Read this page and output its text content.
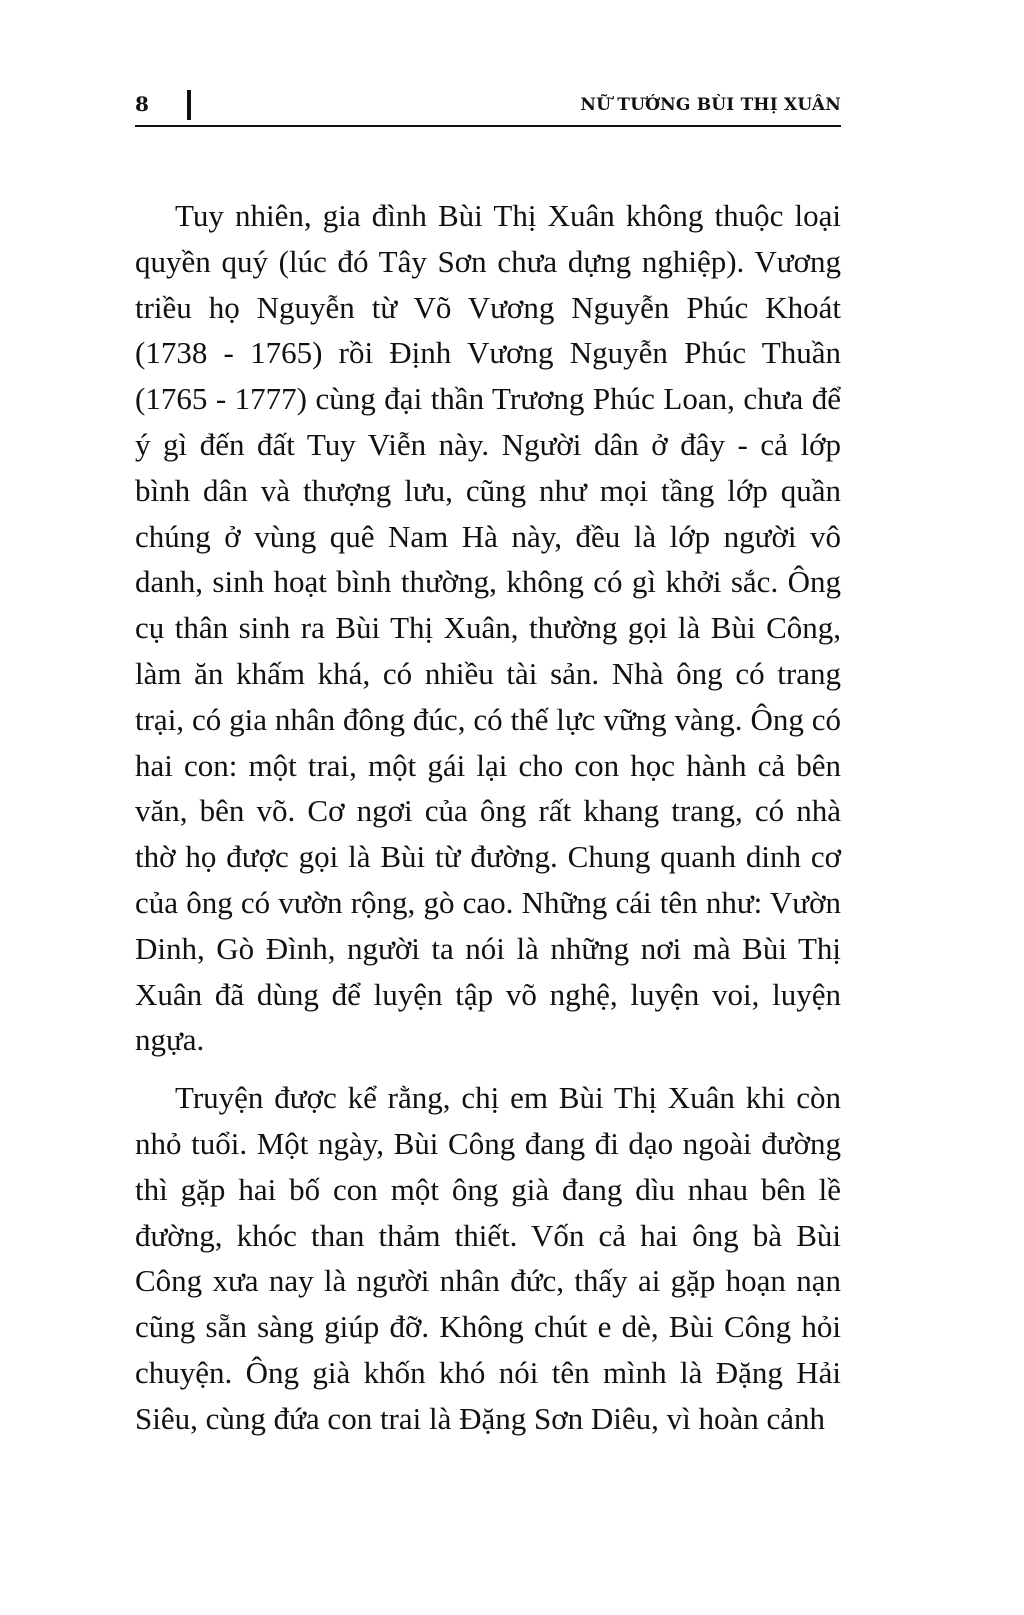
8	NỮ TƯỚNG BÙI THỊ XUÂN

Tuy nhiên, gia đình Bùi Thị Xuân không thuộc loại quyền quý (lúc đó Tây Sơn chưa dựng nghiệp). Vương triều họ Nguyễn từ Võ Vương Nguyễn Phúc Khoát (1738 - 1765) rồi Định Vương Nguyễn Phúc Thuần (1765 - 1777) cùng đại thần Trương Phúc Loan, chưa để ý gì đến đất Tuy Viễn này. Người dân ở đây - cả lớp bình dân và thượng lưu, cũng như mọi tầng lớp quần chúng ở vùng quê Nam Hà này, đều là lớp người vô danh, sinh hoạt bình thường, không có gì khởi sắc. Ông cụ thân sinh ra Bùi Thị Xuân, thường gọi là Bùi Công, làm ăn khấm khá, có nhiều tài sản. Nhà ông có trang trại, có gia nhân đông đúc, có thế lực vững vàng. Ông có hai con: một trai, một gái lại cho con học hành cả bên văn, bên võ. Cơ ngơi của ông rất khang trang, có nhà thờ họ được gọi là Bùi từ đường. Chung quanh dinh cơ của ông có vườn rộng, gò cao. Những cái tên như: Vườn Dinh, Gò Đình, người ta nói là những nơi mà Bùi Thị Xuân đã dùng để luyện tập võ nghệ, luyện voi, luyện ngựa.

Truyện được kể rằng, chị em Bùi Thị Xuân khi còn nhỏ tuổi. Một ngày, Bùi Công đang đi dạo ngoài đường thì gặp hai bố con một ông già đang dìu nhau bên lề đường, khóc than thảm thiết. Vốn cả hai ông bà Bùi Công xưa nay là người nhân đức, thấy ai gặp hoạn nạn cũng sẵn sàng giúp đỡ. Không chút e dè, Bùi Công hỏi chuyện. Ông già khốn khó nói tên mình là Đặng Hải Siêu, cùng đứa con trai là Đặng Sơn Diêu, vì hoàn cảnh
